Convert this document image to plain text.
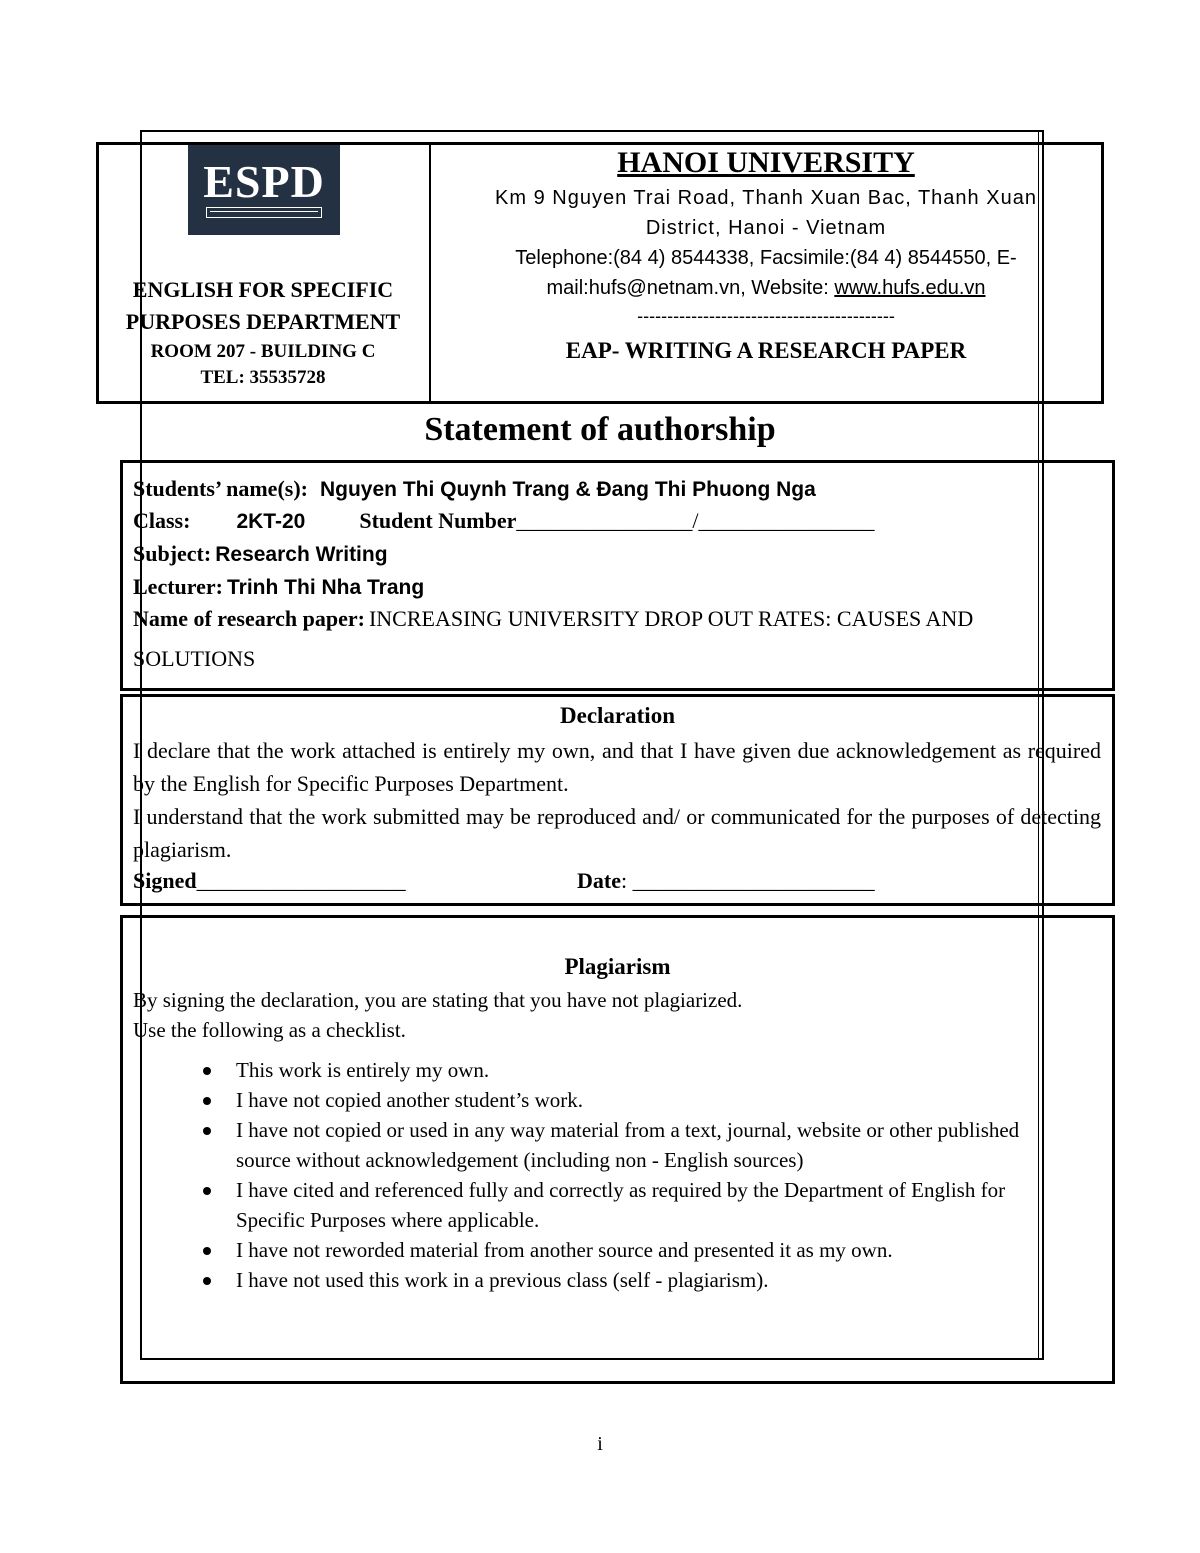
ESPD
ENGLISH FOR SPECIFIC
PURPOSES DEPARTMENT
ROOM 207 - BUILDING C
TEL: 35535728
HANOI UNIVERSITY
Km 9 Nguyen Trai Road, Thanh Xuan Bac, Thanh Xuan
District, Hanoi - Vietnam
Telephone:(84 4) 8544338, Facsimile:(84 4) 8544550, E-
mail:hufs@netnam.vn, Website: www.hufs.edu.vn
-------------------------------------------
EAP- WRITING A RESEARCH PAPER
Statement of authorship
Students’ name(s): Nguyen Thi Quynh Trang & Đang Thi Phuong Nga
Class: 2KT-20 Student Number________________/________________
Subject: Research Writing
Lecturer: Trinh Thi Nha Trang
Name of research paper: INCREASING UNIVERSITY DROP OUT RATES: CAUSES AND
SOLUTIONS
Declaration
I declare that the work attached is entirely my own, and that I have given due acknowledgement as required by the English for Specific Purposes Department.
I understand that the work submitted may be reproduced and/ or communicated for the purposes of detecting plagiarism.
Signed___________________	Date: ______________________
Plagiarism
By signing the declaration, you are stating that you have not plagiarized.
Use the following as a checklist.
This work is entirely my own.
I have not copied another student’s work.
I have not copied or used in any way material from a text, journal, website or other published source without acknowledgement (including non - English sources)
I have cited and referenced fully and correctly as required by the Department of English for Specific Purposes where applicable.
I have not reworded material from another source and presented it as my own.
I have not used this work in a previous class (self - plagiarism).
i
